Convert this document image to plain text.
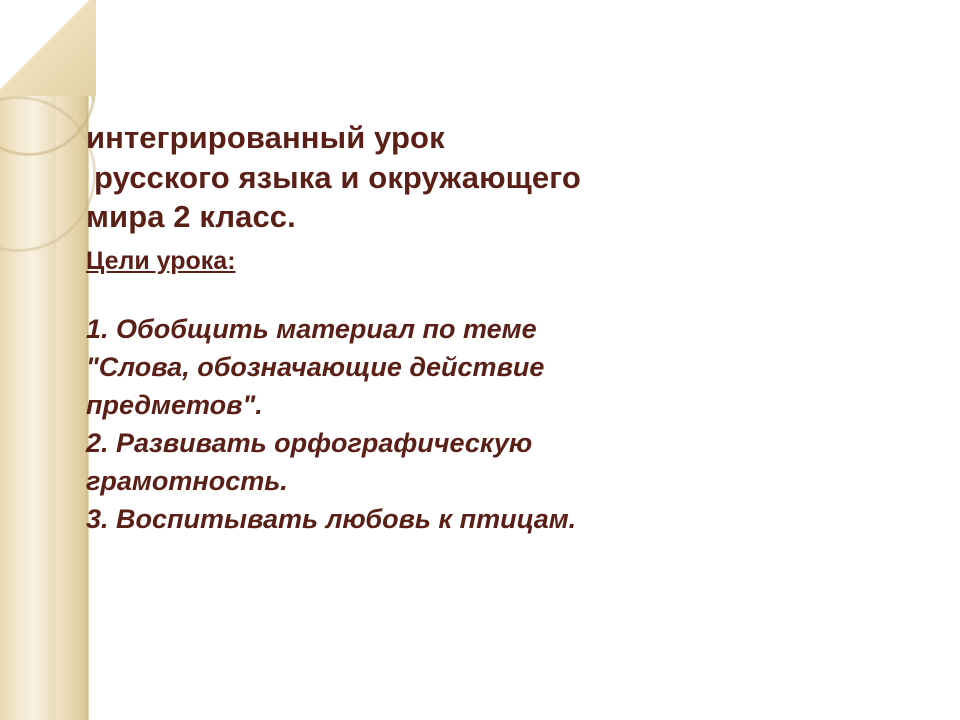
интегрированный урок
русского языка и окружающего
мира 2 класс.
Цели урока:
1. Обобщить материал по теме
"Слова, обозначающие действие
предметов".
2. Развивать орфографическую
грамотность.
3. Воспитывать любовь к птицам.
